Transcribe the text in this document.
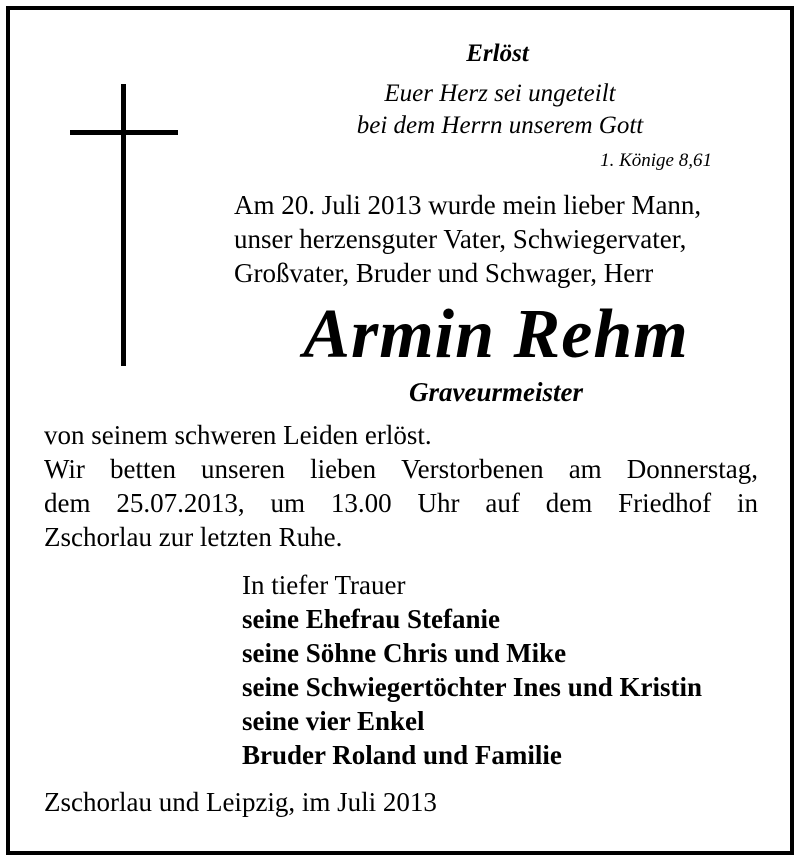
Erlöst
Euer Herz sei ungeteilt
bei dem Herrn unserem Gott
1. Könige 8,61
Am 20. Juli 2013 wurde mein lieber Mann,
unser herzensguter Vater, Schwiegervater,
Großvater, Bruder und Schwager, Herr
Armin Rehm
Graveurmeister
von seinem schweren Leiden erlöst.
Wir betten unseren lieben Verstorbenen am Donnerstag,
dem 25.07.2013, um 13.00 Uhr auf dem Friedhof in
Zschorlau zur letzten Ruhe.
In tiefer Trauer
seine Ehefrau Stefanie
seine Söhne Chris und Mike
seine Schwiegertöchter Ines und Kristin
seine vier Enkel
Bruder Roland und Familie
Zschorlau und Leipzig, im Juli 2013
